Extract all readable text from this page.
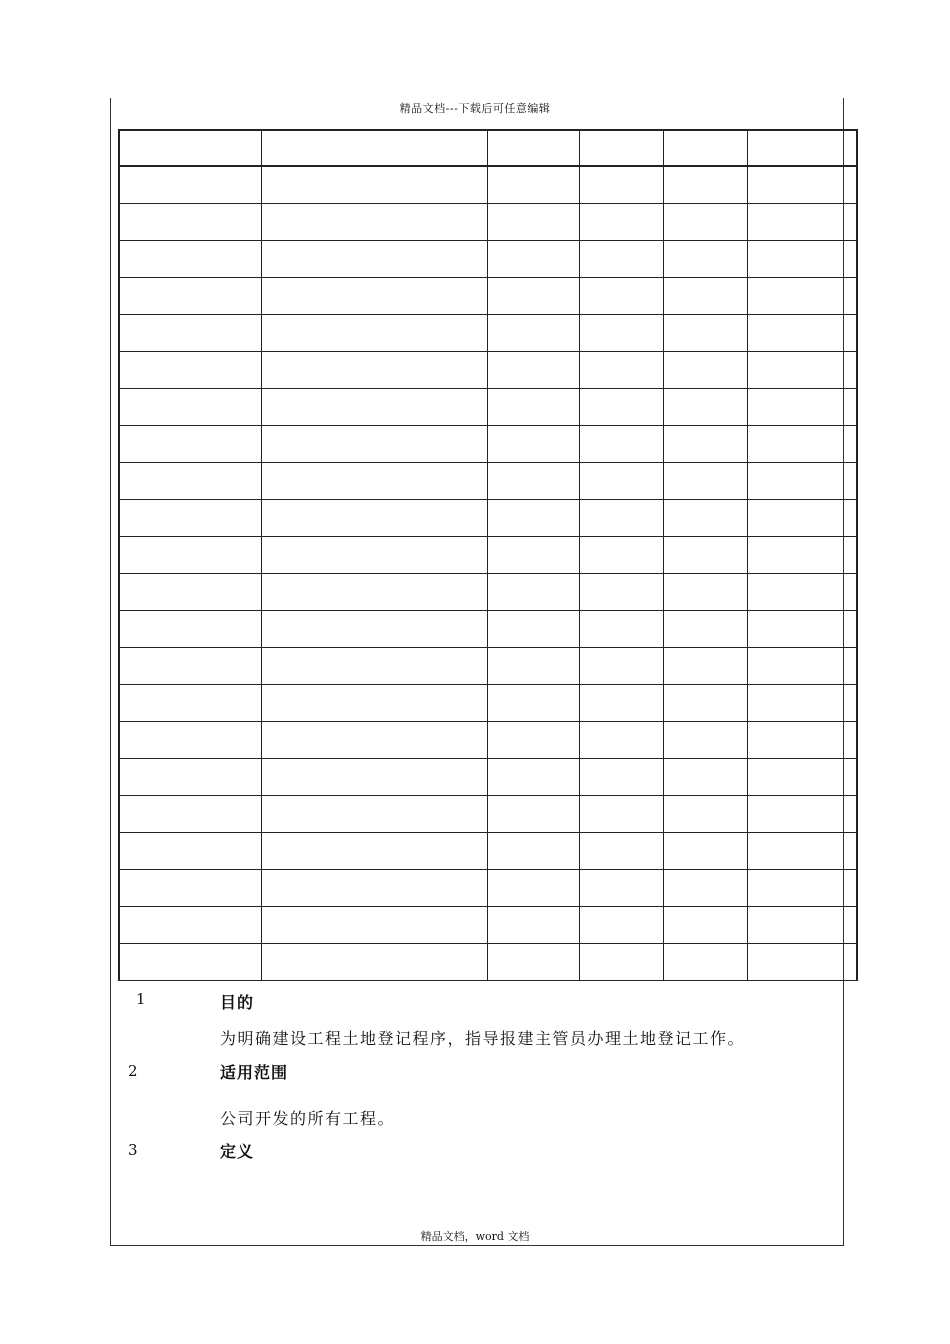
精品文档---下载后可任意编辑

1	目的
为明确建设工程土地登记程序，指导报建主管员办理土地登记工作。
2	适用范围
公司开发的所有工程。
3	定义
精品文档，word 文档
